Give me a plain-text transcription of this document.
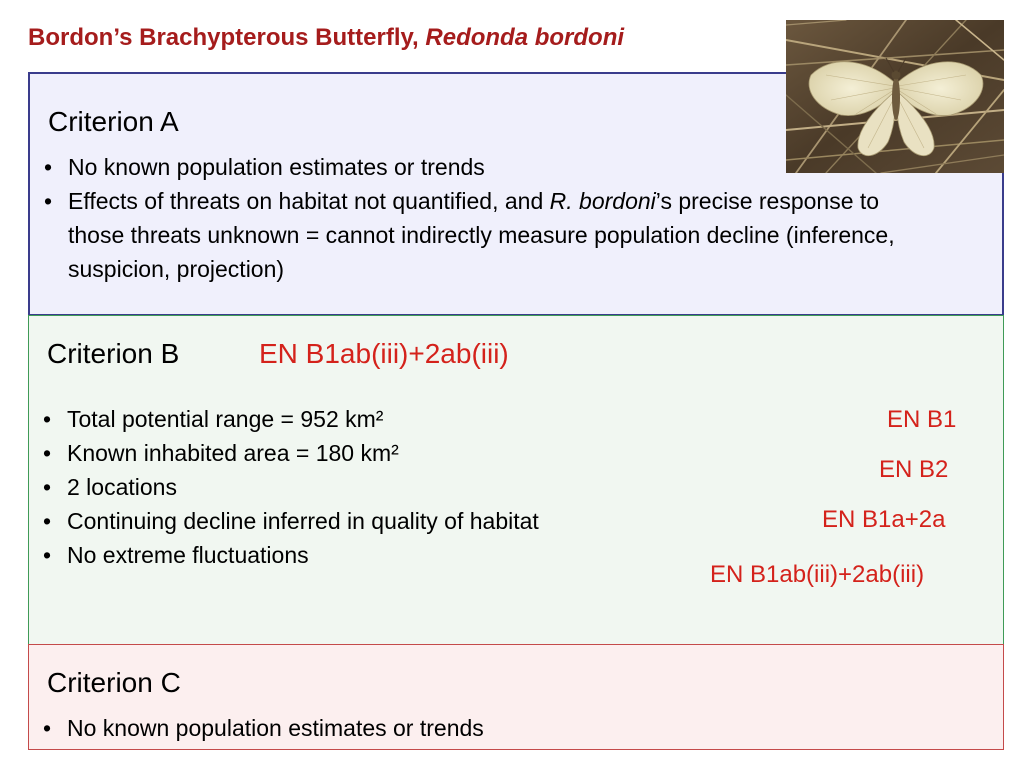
Bordon’s Brachypterous Butterfly, Redonda bordoni
Criterion A
• No known population estimates or trends
• Effects of threats on habitat not quantified, and R. bordoni’s precise response to those threats unknown = cannot indirectly measure population decline (inference, suspicion, projection)
Criterion B	EN B1ab(iii)+2ab(iii)
• Total potential range = 952 km²
• Known inhabited area = 180 km²
• 2 locations
• Continuing decline inferred in quality of habitat
• No extreme fluctuations
EN B1
EN B2
EN B1a+2a
EN B1ab(iii)+2ab(iii)
Criterion C
• No known population estimates or trends
